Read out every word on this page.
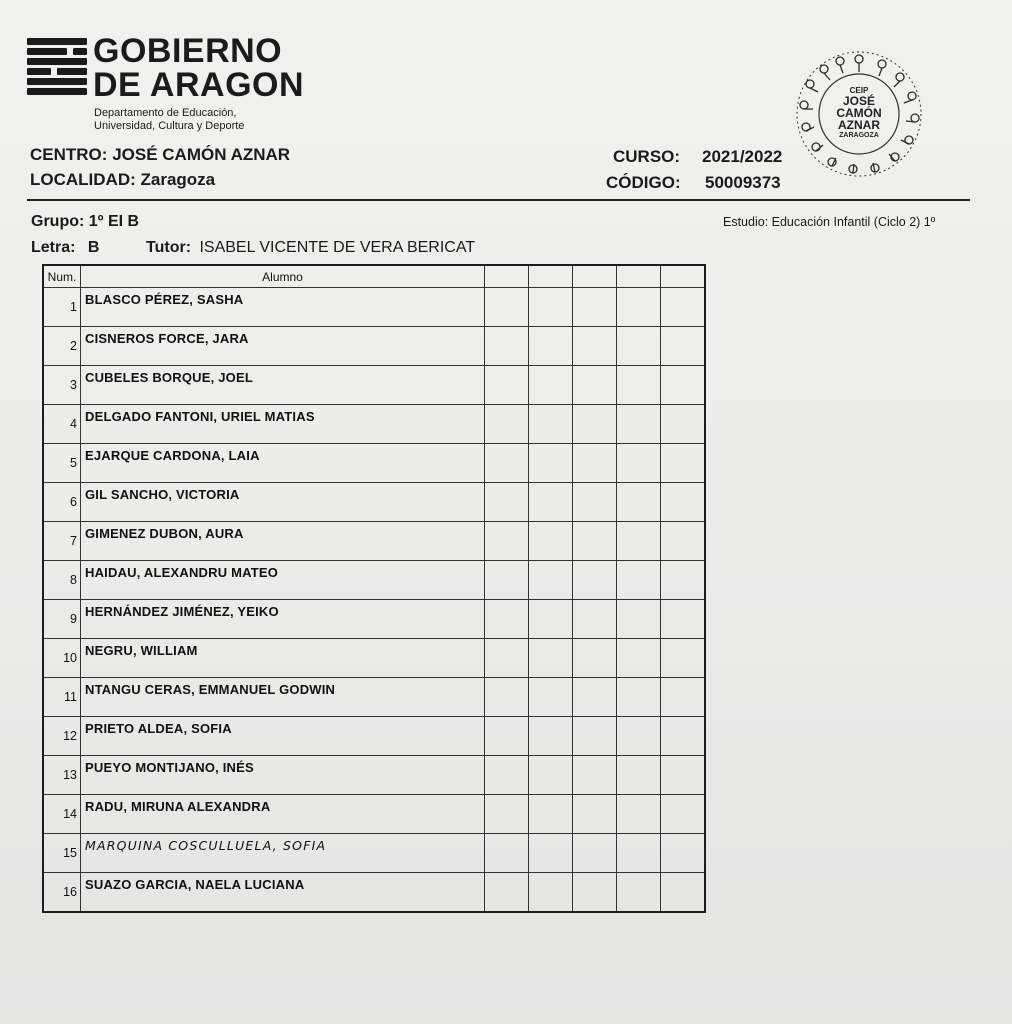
GOBIERNO
DE ARAGON
Departamento de Educación,
Universidad, Cultura y Deporte
CENTRO: JOSÉ CAMÓN AZNAR
LOCALIDAD: Zaragoza
CURSO: 2021/2022
CÓDIGO: 50009373
CEIP
JOSÉ
CAMÓN
AZNAR
ZARAGOZA
Grupo: 1º EI B	Estudio: Educación Infantil (Ciclo 2) 1º
Letra: B	Tutor: ISABEL VICENTE DE VERA BERICAT
Num.	Alumno					
1	BLASCO PÉREZ, SASHA					
2	CISNEROS FORCE, JARA					
3	CUBELES BORQUE, JOEL					
4	DELGADO FANTONI, URIEL MATIAS					
5	EJARQUE CARDONA, LAIA					
6	GIL SANCHO, VICTORIA					
7	GIMENEZ DUBON, AURA					
8	HAIDAU, ALEXANDRU MATEO					
9	HERNÁNDEZ JIMÉNEZ, YEIKO					
10	NEGRU, WILLIAM					
11	NTANGU CERAS, EMMANUEL GODWIN					
12	PRIETO ALDEA, SOFIA					
13	PUEYO MONTIJANO, INÉS					
14	RADU, MIRUNA ALEXANDRA					
15	MARQUINA COSCULLUELA, SOFIA					
16	SUAZO GARCIA, NAELA LUCIANA					
